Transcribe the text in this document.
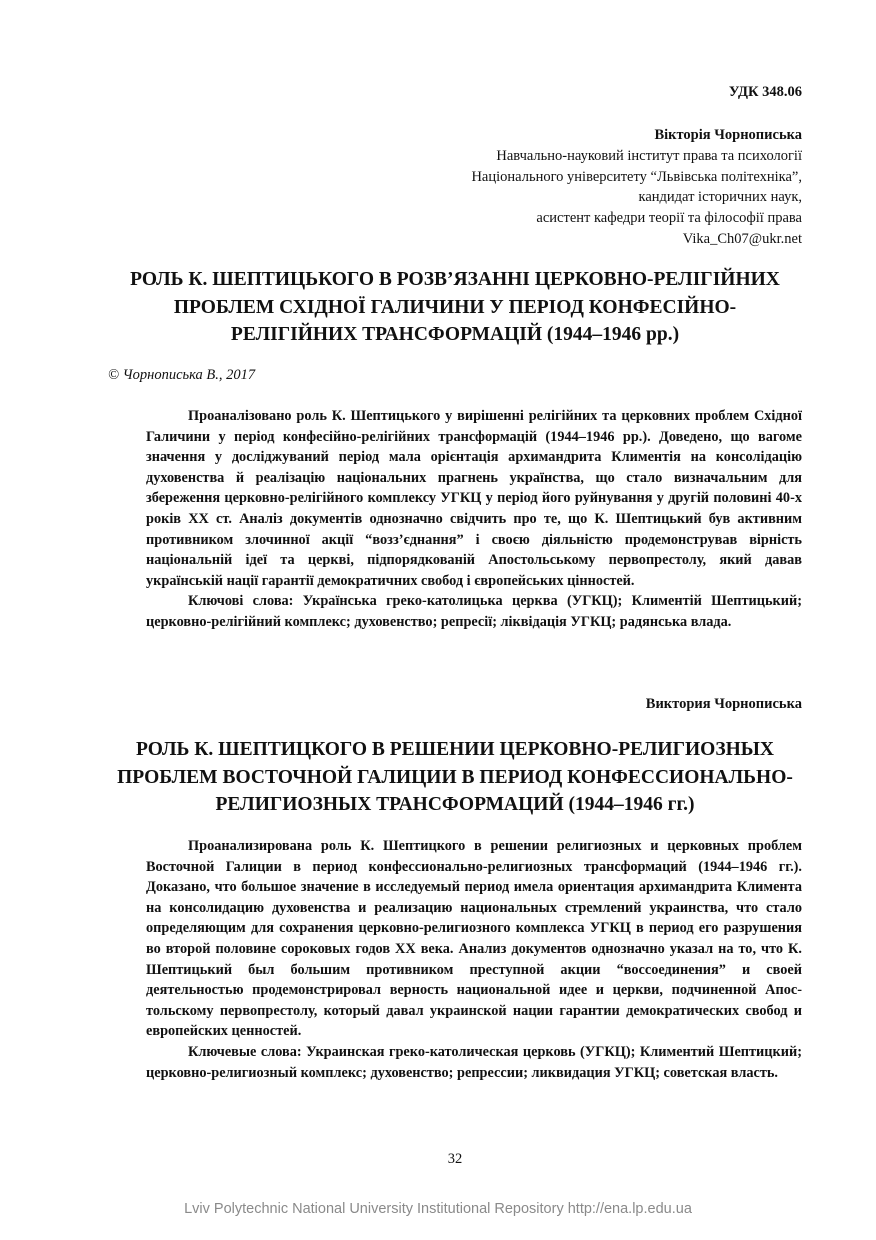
УДК 348.06
Вікторія Чорнописька
Навчально-науковий інститут права та психології
Національного університету “Львівська політехніка”,
кандидат історичних наук,
асистент кафедри теорії та філософії права
Vika_Ch07@ukr.net
РОЛЬ К. ШЕПТИЦЬКОГО В РОЗВ’ЯЗАННІ ЦЕРКОВНО-РЕЛІГІЙНИХ
ПРОБЛЕМ СХІДНОЇ ГАЛИЧИНИ У ПЕРІОД КОНФЕСІЙНО-
РЕЛІГІЙНИХ ТРАНСФОРМАЦІЙ (1944–1946 рр.)
© Чорнописька В., 2017

Проаналізовано роль К. Шептицького у вирішенні релігійних та церковних проблем Східної Галичини у період конфесійно-релігійних трансформацій (1944–1946 рр.). Доведено, що вагоме значення у досліджуваний період мала орієнтація архимандрита Климентія на консолідацію духовенства й реалізацію національних прагнень українства, що стало визначальним для збереження церковно-релігійного комплексу УГКЦ у період його руйнування у другій половині 40-х років ХХ ст. Аналіз документів однозначно свідчить про те, що К. Шептицький був активним противником злочинної акції “возз’єднання” і своєю діяльністю продемонстрував вірність національній ідеї та церкві, підпорядкованій Апостольському первопрестолу, який давав українській нації гарантії демократичних свобод і європейських цінностей.

Ключові слова: Українська греко-католицька церква (УГКЦ); Климентій Шептицький; церковно-релігійний комплекс; духовенство; репресії; ліквідація УГКЦ; радянська влада.

Виктория Чорнописька
РОЛЬ К. ШЕПТИЦКОГО В РЕШЕНИИ ЦЕРКОВНО-РЕЛИГИОЗНЫХ
ПРОБЛЕМ ВОСТОЧНОЙ ГАЛИЦИИ В ПЕРИОД КОНФЕССИОНАЛЬНО-
РЕЛИГИОЗНЫХ ТРАНСФОРМАЦИЙ (1944–1946 гг.)

Проанализирована роль К. Шептицкого в решении религиозных и церковных проблем Восточной Галиции в период конфессионально-религиозных трансформаций (1944–1946 гг.). Доказано, что большое значение в исследуемый период имела ориентация архимандрита Климента на консолидацию духовенства и реализацию национальных стремлений украинства, что стало определяющим для сохранения церковно-религиозного комплекса УГКЦ в период его разрушения во второй половине сороковых годов ХХ века. Анализ документов однозначно указал на то, что К. Шептицький был большим противником преступной акции “воссоединения” и своей деятельностью продемонстрировал верность национальной идее и церкви, подчиненной Апостольскому первопрестолу, который давал украинской нации гарантии демократических свобод и европейских ценностей.

Ключевые слова: Украинская греко-католическая церковь (УГКЦ); Климентий Шептицкий; церковно-религиозный комплекс; духовенство; репрессии; ликвидация УГКЦ; советская власть.

32
Lviv Polytechnic National University Institutional Repository http://ena.lp.edu.ua
